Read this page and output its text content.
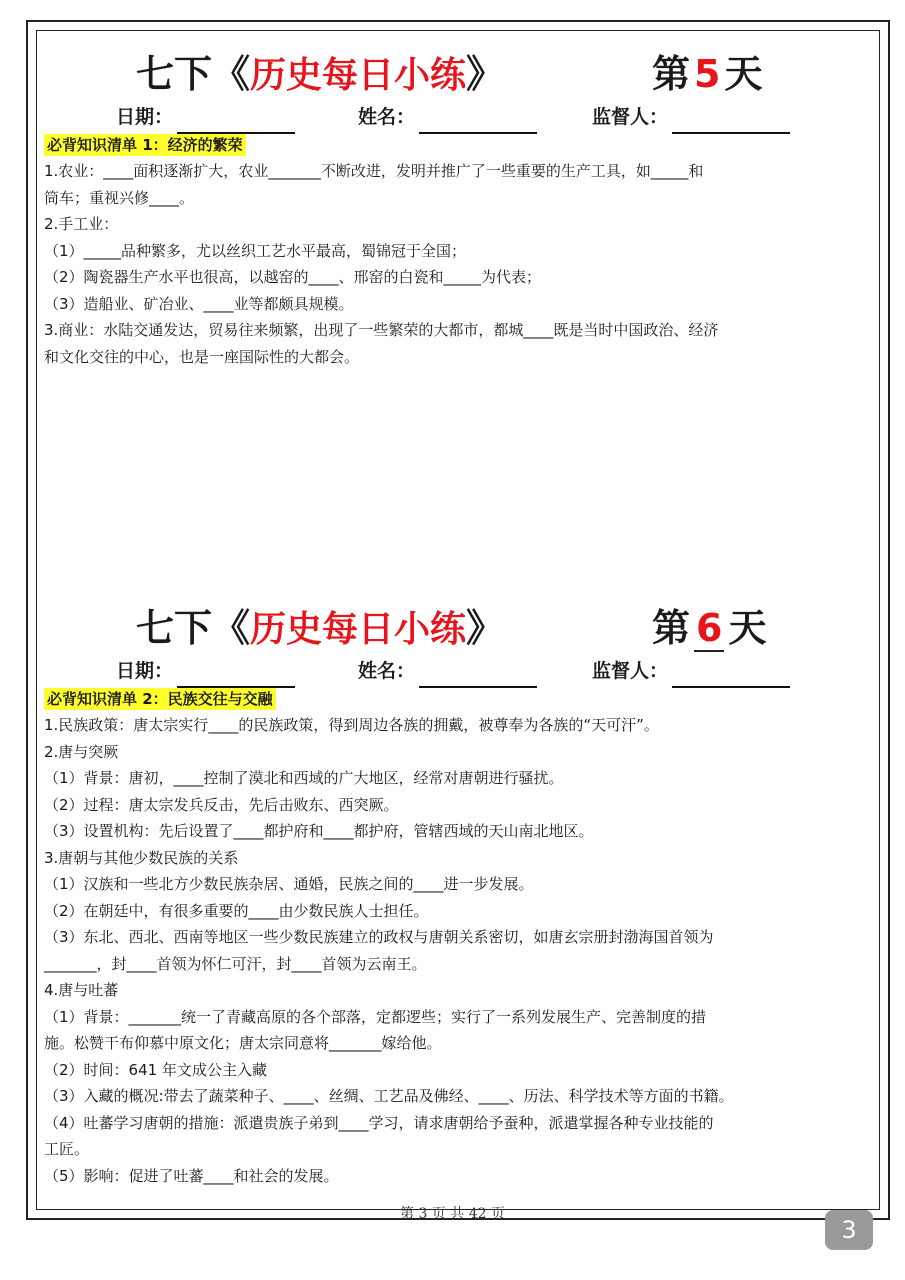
七下《历史每日小练》	第 5 天
日期：	姓名：	监督人：
必背知识清单 1：经济的繁荣

1.农业：____面积逐渐扩大，农业_______不断改进，发明并推广了一些重要的生产工具，如_____和

筒车；重视兴修____。

2.手工业：

（1）_____品种繁多，尤以丝织工艺水平最高，蜀锦冠于全国；

（2）陶瓷器生产水平也很高，以越窑的____、邢窑的白瓷和_____为代表；

（3）造船业、矿冶业、____业等都颇具规模。

3.商业：水陆交通发达，贸易往来频繁，出现了一些繁荣的大都市，都城____既是当时中国政治、经济

和文化交往的中心，也是一座国际性的大都会。

七下《历史每日小练》	第 6 天
日期：	姓名：	监督人：
必背知识清单 2：民族交往与交融

1.民族政策：唐太宗实行____的民族政策，得到周边各族的拥戴，被尊奉为各族的“天可汗”。

2.唐与突厥

（1）背景：唐初，____控制了漠北和西域的广大地区，经常对唐朝进行骚扰。

（2）过程：唐太宗发兵反击，先后击败东、西突厥。

（3）设置机构：先后设置了____都护府和____都护府，管辖西域的天山南北地区。

3.唐朝与其他少数民族的关系

（1）汉族和一些北方少数民族杂居、通婚，民族之间的____进一步发展。

（2）在朝廷中，有很多重要的____由少数民族人士担任。

（3）东北、西北、西南等地区一些少数民族建立的政权与唐朝关系密切，如唐玄宗册封渤海国首领为

_______，封____首领为怀仁可汗，封____首领为云南王。

4.唐与吐蕃

（1）背景：_______统一了青藏高原的各个部落，定都逻些；实行了一系列发展生产、完善制度的措

施。松赞干布仰慕中原文化；唐太宗同意将_______嫁给他。

（2）时间：641 年文成公主入藏

（3）入藏的概况:带去了蔬菜种子、____、丝绸、工艺品及佛经、____、历法、科学技术等方面的书籍。

（4）吐蕃学习唐朝的措施：派遣贵族子弟到____学习，请求唐朝给予蚕种，派遣掌握各种专业技能的

工匠。

（5）影响：促进了吐蕃____和社会的发展。

第 3 页 共 42 页
3
